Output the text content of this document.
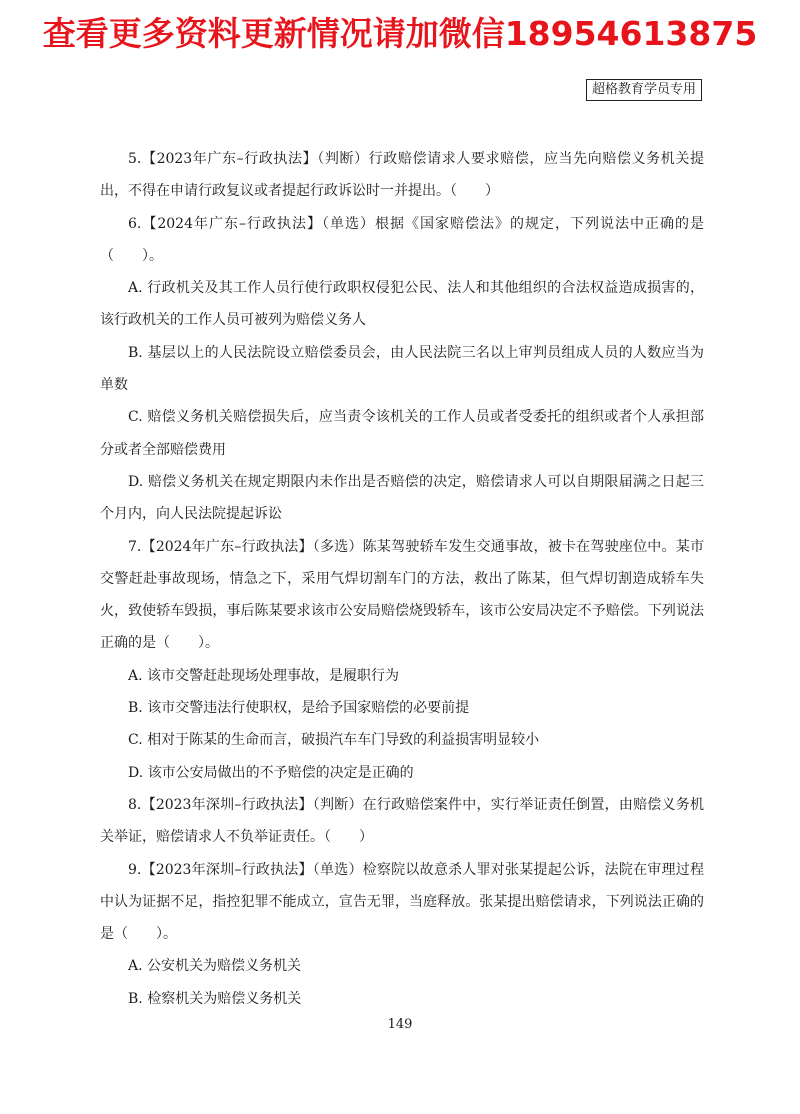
查看更多资料更新情况请加微信18954613875
超格教育学员专用

5.【2023年广东–行政执法】（判断）行政赔偿请求人要求赔偿，应当先向赔偿义务机关提出，不得在申请行政复议或者提起行政诉讼时一并提出。（　　）

6.【2024年广东–行政执法】（单选）根据《国家赔偿法》的规定，下列说法中正确的是（　　）。

A. 行政机关及其工作人员行使行政职权侵犯公民、法人和其他组织的合法权益造成损害的，该行政机关的工作人员可被列为赔偿义务人

B. 基层以上的人民法院设立赔偿委员会，由人民法院三名以上审判员组成人员的人数应当为单数

C. 赔偿义务机关赔偿损失后，应当责令该机关的工作人员或者受委托的组织或者个人承担部分或者全部赔偿费用

D. 赔偿义务机关在规定期限内未作出是否赔偿的决定，赔偿请求人可以自期限届满之日起三个月内，向人民法院提起诉讼

7.【2024年广东–行政执法】（多选）陈某驾驶轿车发生交通事故，被卡在驾驶座位中。某市交警赶赴事故现场，情急之下，采用气焊切割车门的方法，救出了陈某，但气焊切割造成轿车失火，致使轿车毁损，事后陈某要求该市公安局赔偿烧毁轿车，该市公安局决定不予赔偿。下列说法正确的是（　　）。

A. 该市交警赶赴现场处理事故，是履职行为

B. 该市交警违法行使职权，是给予国家赔偿的必要前提

C. 相对于陈某的生命而言，破损汽车车门导致的利益损害明显较小

D. 该市公安局做出的不予赔偿的决定是正确的

8.【2023年深圳–行政执法】（判断）在行政赔偿案件中，实行举证责任倒置，由赔偿义务机关举证，赔偿请求人不负举证责任。（　　）

9.【2023年深圳–行政执法】（单选）检察院以故意杀人罪对张某提起公诉，法院在审理过程中认为证据不足，指控犯罪不能成立，宣告无罪，当庭释放。张某提出赔偿请求，下列说法正确的是（　　）。

A. 公安机关为赔偿义务机关

B. 检察机关为赔偿义务机关

149
